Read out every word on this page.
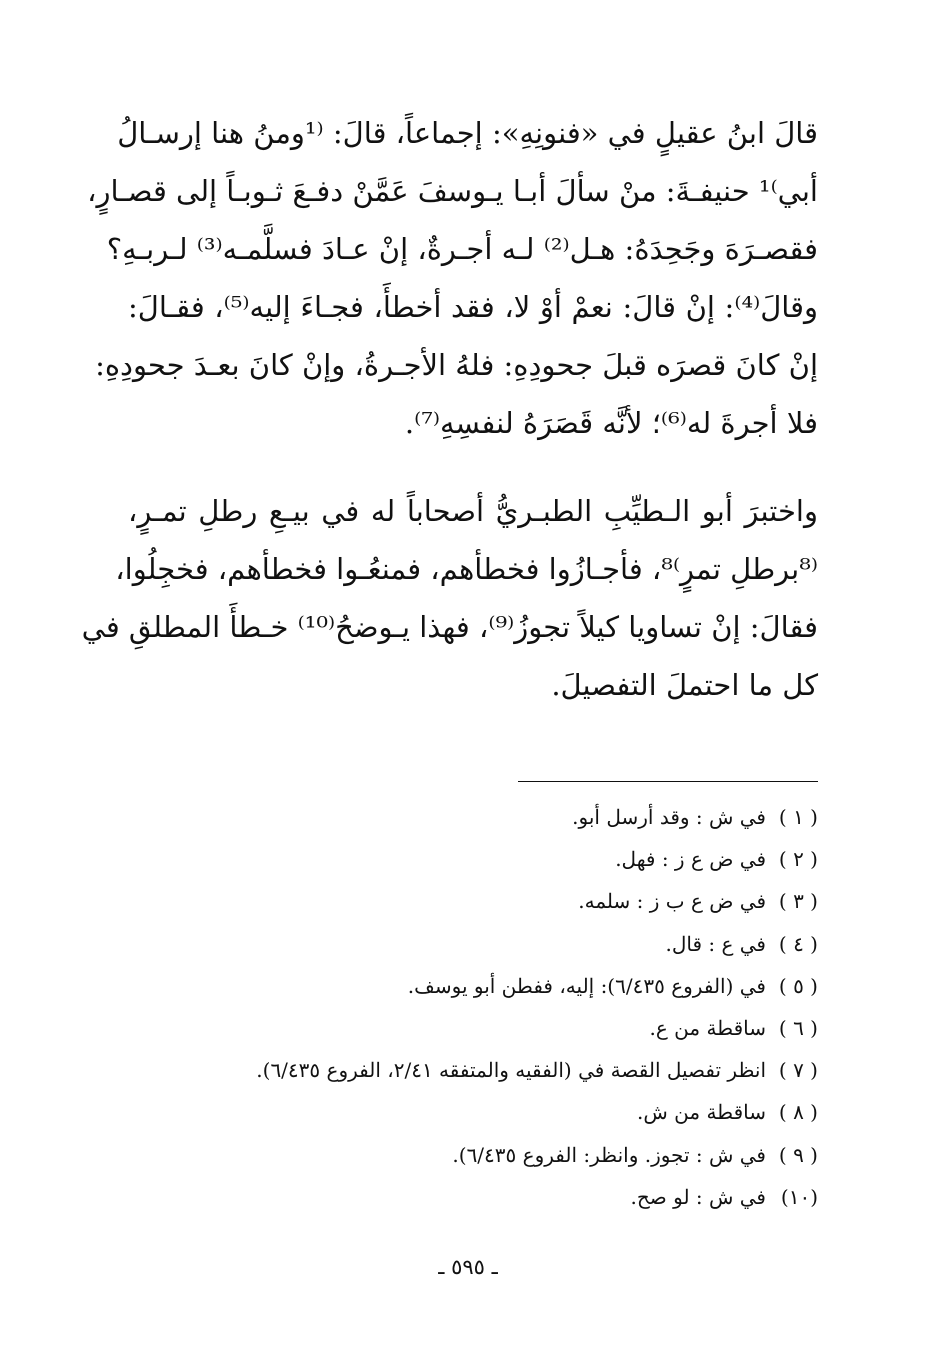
قالَ ابنُ عقيلٍ في «فنونِهِ»: إجماعاً، قالَ: ⁽¹ومنُ هنا إرسـالُ
أبي⁾¹ حنيفـةَ: منْ سألَ أبـا يـوسفَ عَمَّنْ دفـعَ ثـوبـاً إلى قصـارٍ،
فقصـرَهَ وجَحِدَهُ: هـل⁽²⁾ لـه أجـرةٌ، إنْ عـادَ فسلَّمـه⁽³⁾ لـربـهِ؟
وقالَ⁽⁴⁾: إنْ قالَ: نعمْ أوْ لا، فقد أخطأَ، فجـاءَ إليه⁽⁵⁾، فقـالَ:
إنْ كانَ قصرَه قبلَ جحودِهِ: فلهُ الأجـرةُ، وإنْ كانَ بعـدَ جحودِهِ:
فلا أجرةَ له⁽⁶⁾؛ لأنَّه قَصَرَهُ لنفسِهِ⁽⁷⁾.
واختبرَ أبو الـطيِّبِ الطبـريُّ أصحاباً له في بيـعِ رطلِ تمـرٍ،
⁽⁸برطلِ تمرٍ⁾⁸، فأجـازُوا فخطأهم، فمنعُـوا فخطأهم، فخجِلُوا،
فقالَ: إنْ تساويا كيلاً تجوزُ⁽⁹⁾، فهذا يـوضحُ⁽¹⁰⁾ خـطأَ المطلقِ في
كل ما احتملَ التفصيلَ.
( ١ )في ش : وقد أرسل أبو.
( ٢ )في ض ع ز : فهل.
( ٣ )في ض ع ب ز : سلمه.
( ٤ )في ع : قال.
( ٥ )في (الفروع ٦/٤٣٥): إليه، ففطن أبو يوسف.
( ٦ )ساقطة من ع.
( ٧ )انظر تفصيل القصة في (الفقيه والمتفقه ٢/٤١، الفروع ٦/٤٣٥).
( ٨ )ساقطة من ش.
( ٩ )في ش : تجوز. وانظر: الفروع ٦/٤٣٥).
(١٠)في ش : لو صح.
ـ ٥٩٥ ـ
